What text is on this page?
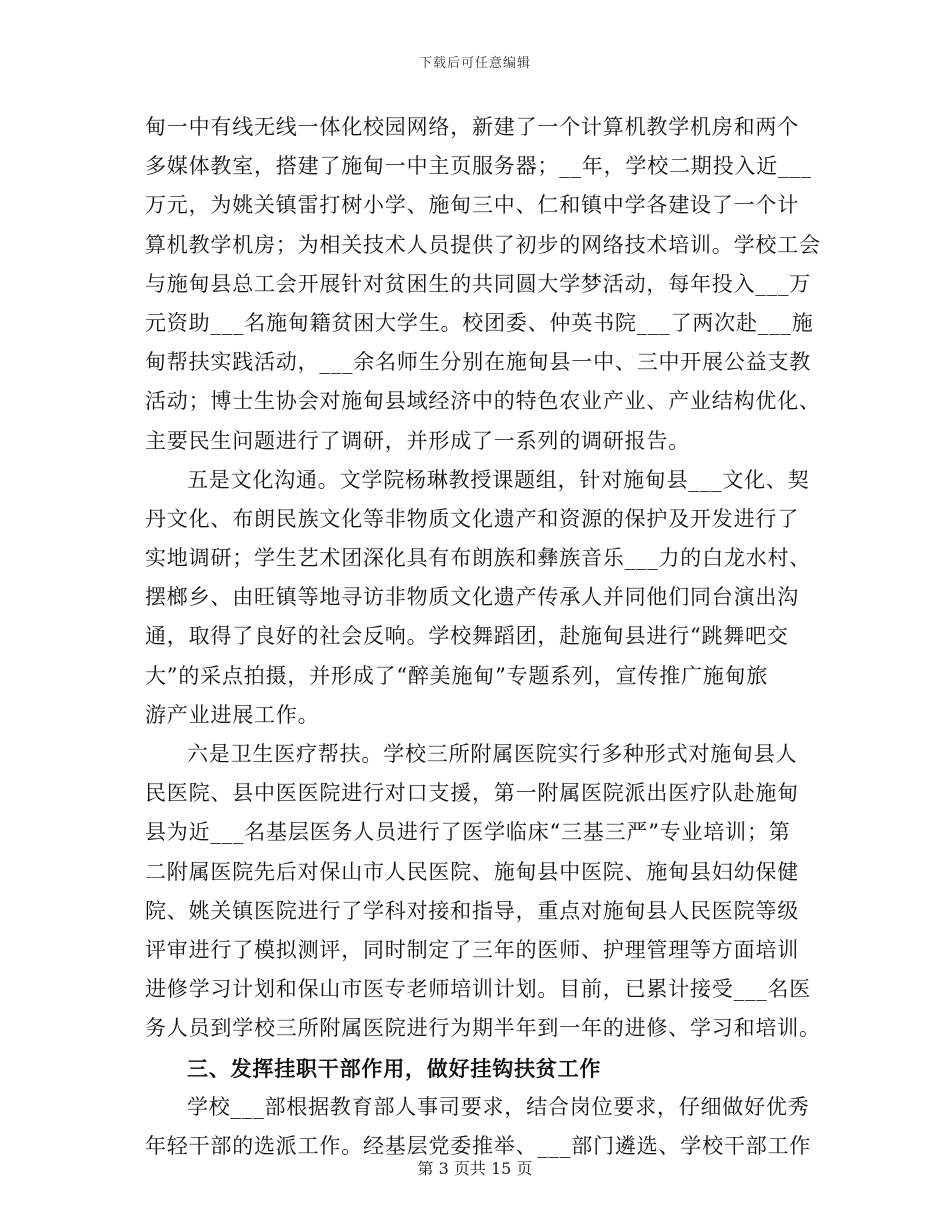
下载后可任意编辑
甸一中有线无线一体化校园网络，新建了一个计算机教学机房和两个
多媒体教室，搭建了施甸一中主页服务器；__年，学校二期投入近___
万元，为姚关镇雷打树小学、施甸三中、仁和镇中学各建设了一个计
算机教学机房；为相关技术人员提供了初步的网络技术培训。学校工会
与施甸县总工会开展针对贫困生的共同圆大学梦活动，每年投入___万
元资助___名施甸籍贫困大学生。校团委、仲英书院___了两次赴___施
甸帮扶实践活动，___余名师生分别在施甸县一中、三中开展公益支教
活动；博士生协会对施甸县域经济中的特色农业产业、产业结构优化、
主要民生问题进行了调研，并形成了一系列的调研报告。
五是文化沟通。文学院杨琳教授课题组，针对施甸县___文化、契
丹文化、布朗民族文化等非物质文化遗产和资源的保护及开发进行了
实地调研；学生艺术团深化具有布朗族和彝族音乐___力的白龙水村、
摆榔乡、由旺镇等地寻访非物质文化遗产传承人并同他们同台演出沟
通，取得了良好的社会反响。学校舞蹈团，赴施甸县进行“跳舞吧交
大”的采点拍摄，并形成了“醉美施甸”专题系列，宣传推广施甸旅
游产业进展工作。
六是卫生医疗帮扶。学校三所附属医院实行多种形式对施甸县人
民医院、县中医医院进行对口支援，第一附属医院派出医疗队赴施甸
县为近___名基层医务人员进行了医学临床“三基三严”专业培训；第
二附属医院先后对保山市人民医院、施甸县中医院、施甸县妇幼保健
院、姚关镇医院进行了学科对接和指导，重点对施甸县人民医院等级
评审进行了模拟测评，同时制定了三年的医师、护理管理等方面培训
进修学习计划和保山市医专老师培训计划。目前，已累计接受___名医
务人员到学校三所附属医院进行为期半年到一年的进修、学习和培训。
三、发挥挂职干部作用，做好挂钩扶贫工作
学校___部根据教育部人事司要求，结合岗位要求，仔细做好优秀
年轻干部的选派工作。经基层党委推举、___部门遴选、学校干部工作
第 3 页共 15 页
